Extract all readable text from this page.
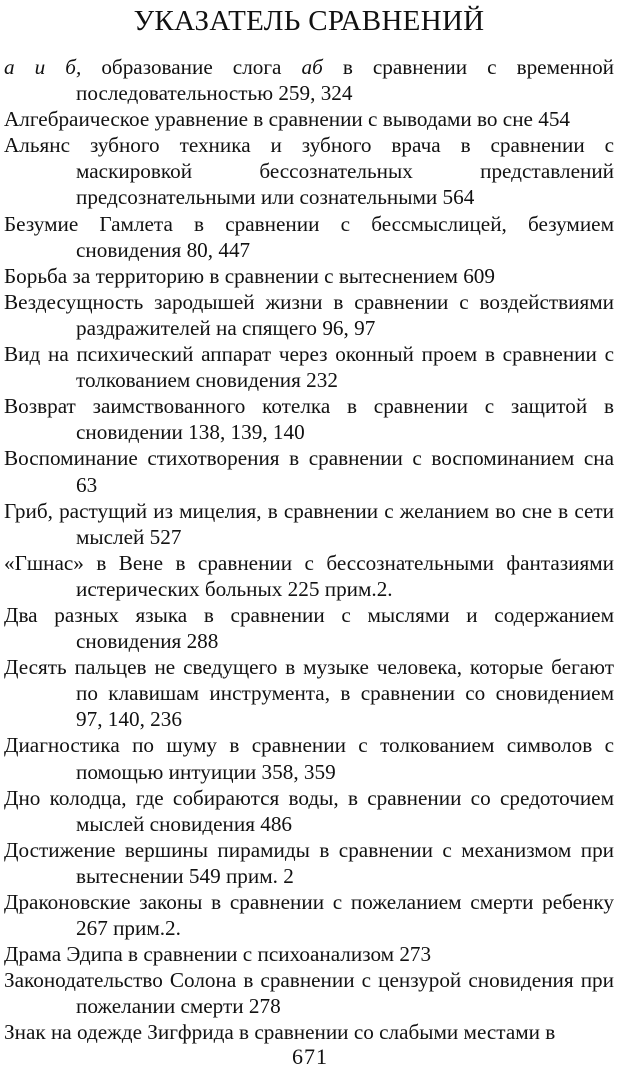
УКАЗАТЕЛЬ СРАВНЕНИЙ

а и б, образование слога аб в сравнении с временной последовательностью 259, 324

Алгебраическое уравнение в сравнении с выводами во сне 454

Альянс зубного техника и зубного врача в сравнении с маскировкой бессознательных представлений предсознательными или сознательными 564

Безумие Гамлета в сравнении с бессмыслицей, безумием сновидения 80, 447

Борьба за территорию в сравнении с вытеснением 609

Вездесущность зародышей жизни в сравнении с воздействиями раздражителей на спящего 96, 97

Вид на психический аппарат через оконный проем в сравнении с толкованием сновидения 232

Возврат заимствованного котелка в сравнении с защитой в сновидении 138, 139, 140

Воспоминание стихотворения в сравнении с воспоминанием сна 63

Гриб, растущий из мицелия, в сравнении с желанием во сне в сети мыслей 527

«Гшнас» в Вене в сравнении с бессознательными фантазиями истерических больных 225 прим.2.

Два разных языка в сравнении с мыслями и содержанием сновидения 288

Десять пальцев не сведущего в музыке человека, которые бегают по клавишам инструмента, в сравнении со сновидением 97, 140, 236

Диагностика по шуму в сравнении с толкованием символов с помощью интуиции 358, 359

Дно колодца, где собираются воды, в сравнении со средоточием мыслей сновидения 486

Достижение вершины пирамиды в сравнении с механизмом при вытеснении 549 прим. 2

Драконовские законы в сравнении с пожеланием смерти ребенку 267 прим.2.

Драма Эдипа в сравнении с психоанализом 273

Законодательство Солона в сравнении с цензурой сновидения при пожелании смерти 278

Знак на одежде Зигфрида в сравнении со слабыми местами в

671
